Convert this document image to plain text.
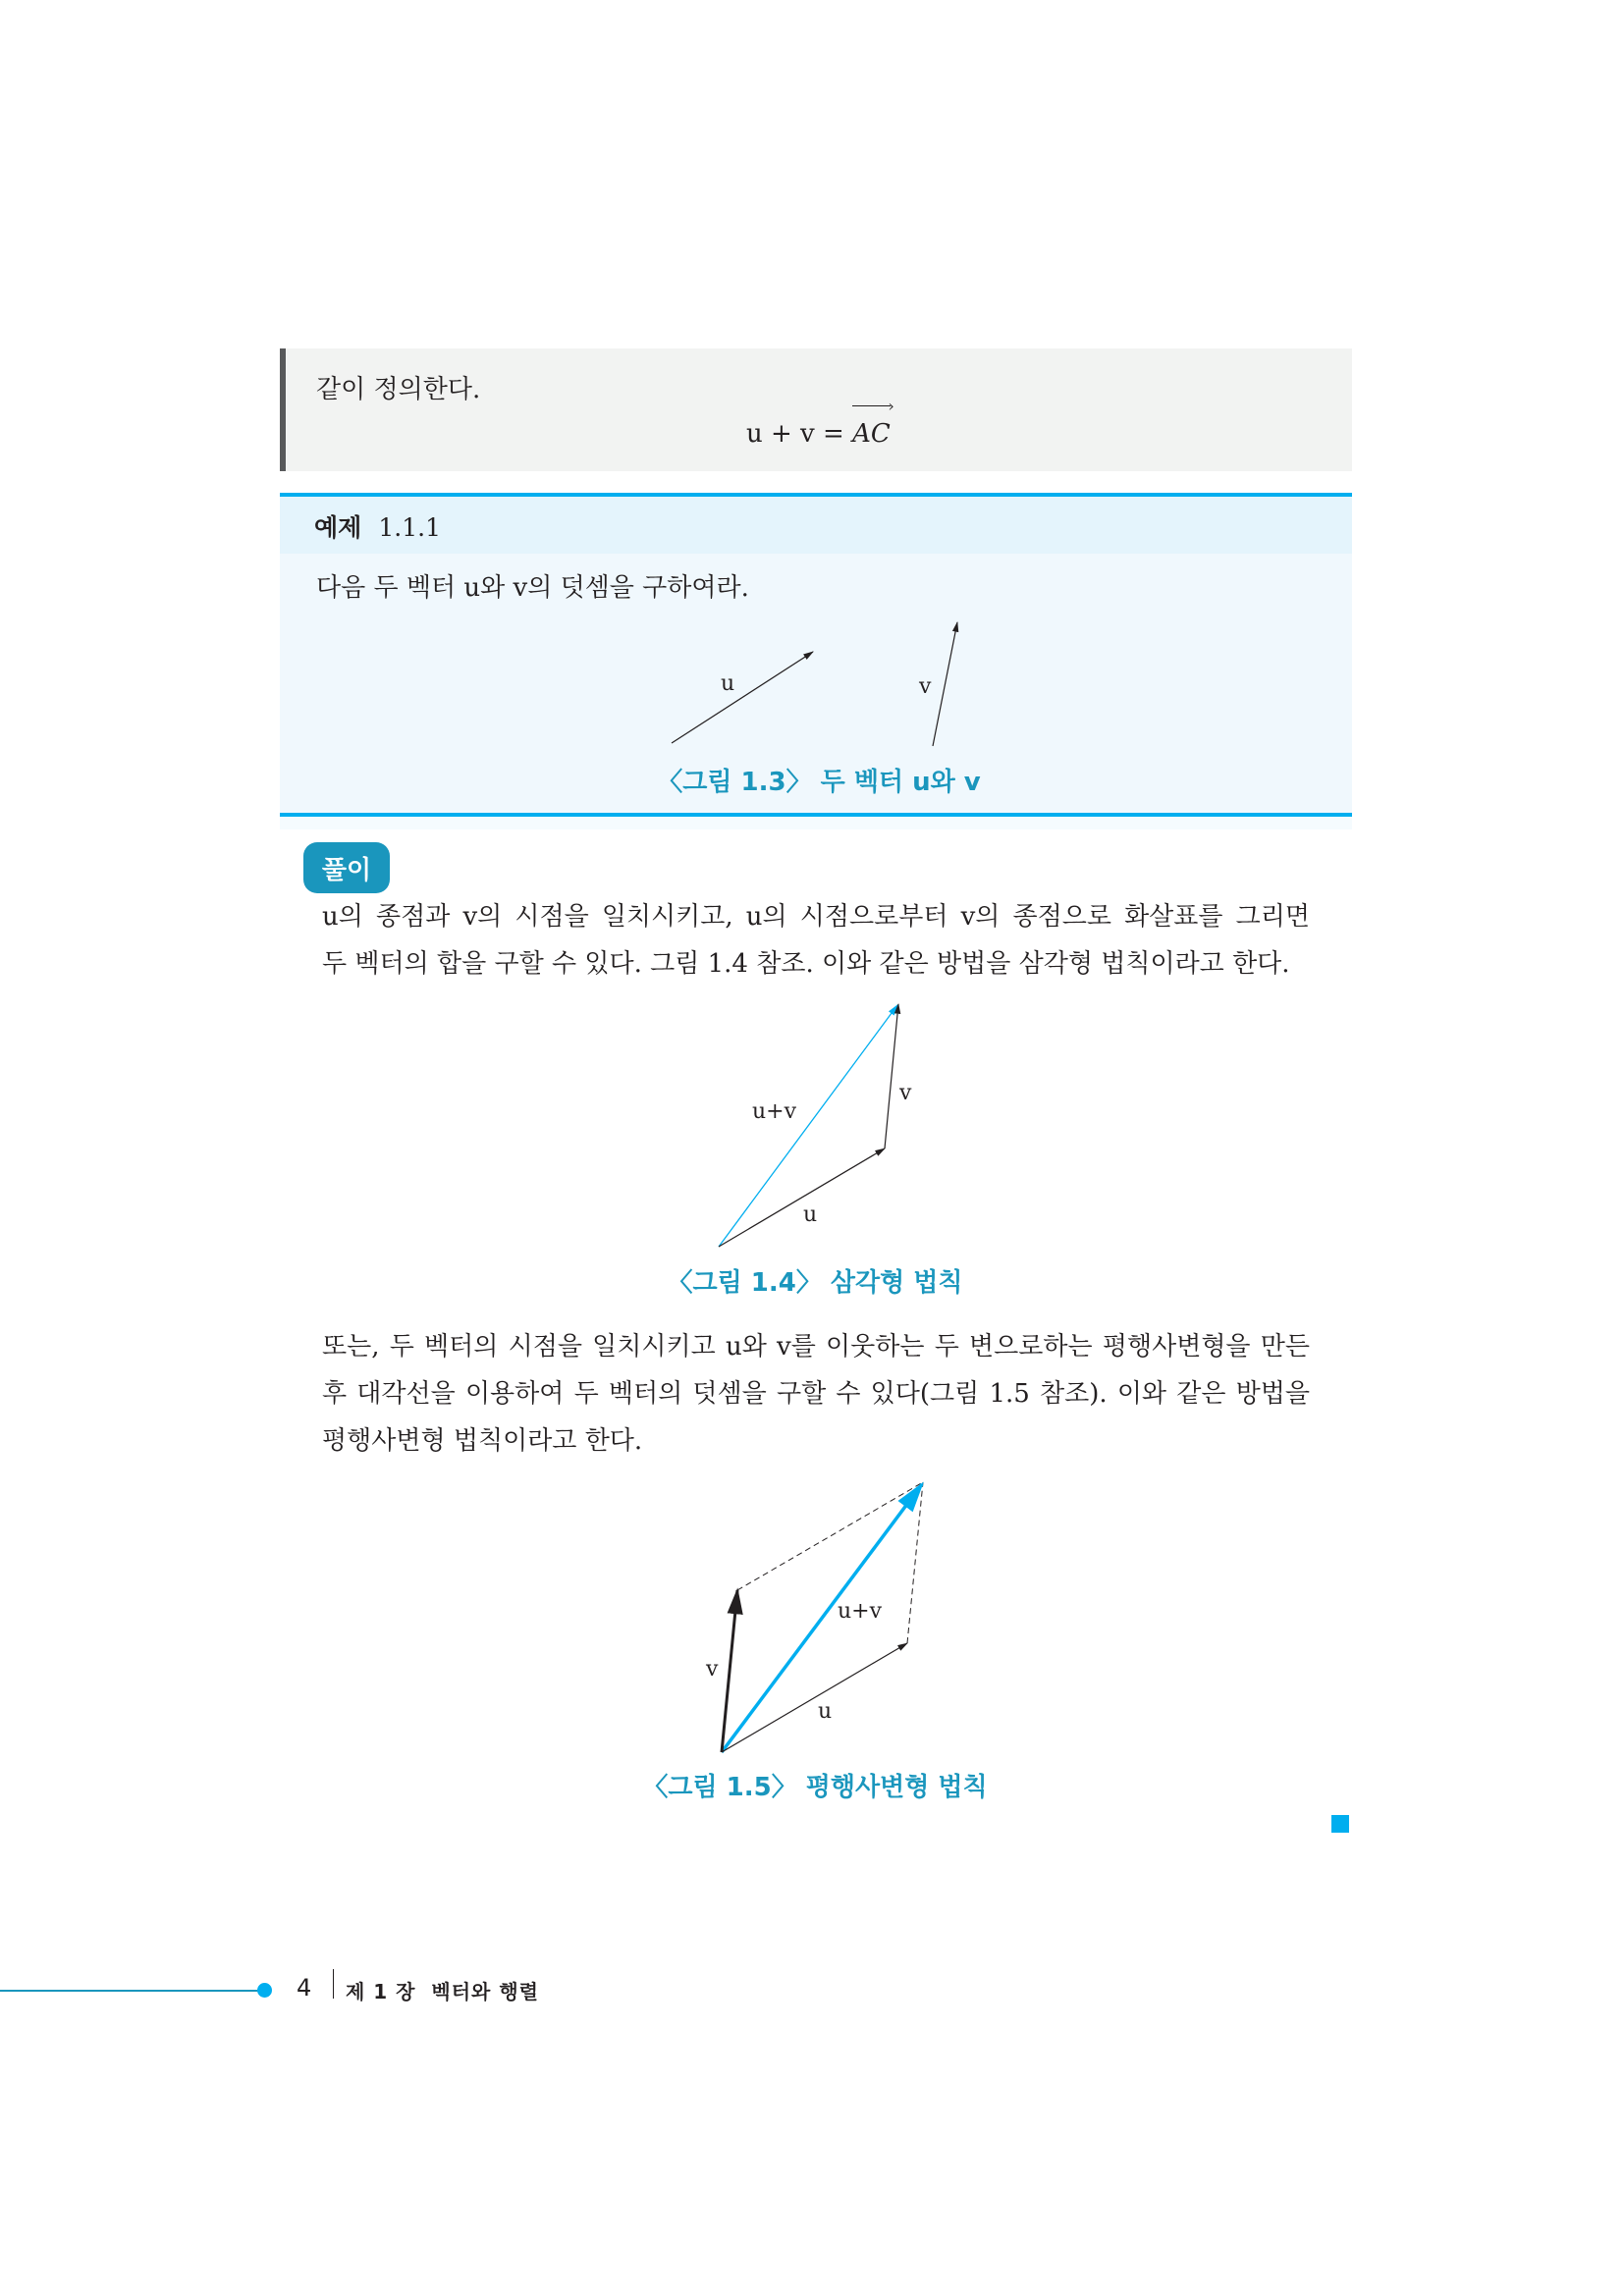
같이 정의한다.
u + v = AC
›
예제 1.1.1
다음 두 벡터 u와 v의 덧셈을 구하여라.
u	v
u+v
v
u
u+v
v
u
〈그림 1.3〉 두 벡터 u와 v
풀이
u의 종점과 v의 시점을 일치시키고, u의 시점으로부터 v의 종점으로 화살표를 그리면
두 벡터의 합을 구할 수 있다. 그림 1.4 참조. 이와 같은 방법을 삼각형 법칙이라고 한다.
〈그림 1.4〉 삼각형 법칙
또는, 두 벡터의 시점을 일치시키고 u와 v를 이웃하는 두 변으로하는 평행사변형을 만든
후 대각선을 이용하여 두 벡터의 덧셈을 구할 수 있다(그림 1.5 참조). 이와 같은 방법을
평행사변형 법칙이라고 한다.
〈그림 1.5〉 평행사변형 법칙
4 제 1 장  벡터와 행렬
